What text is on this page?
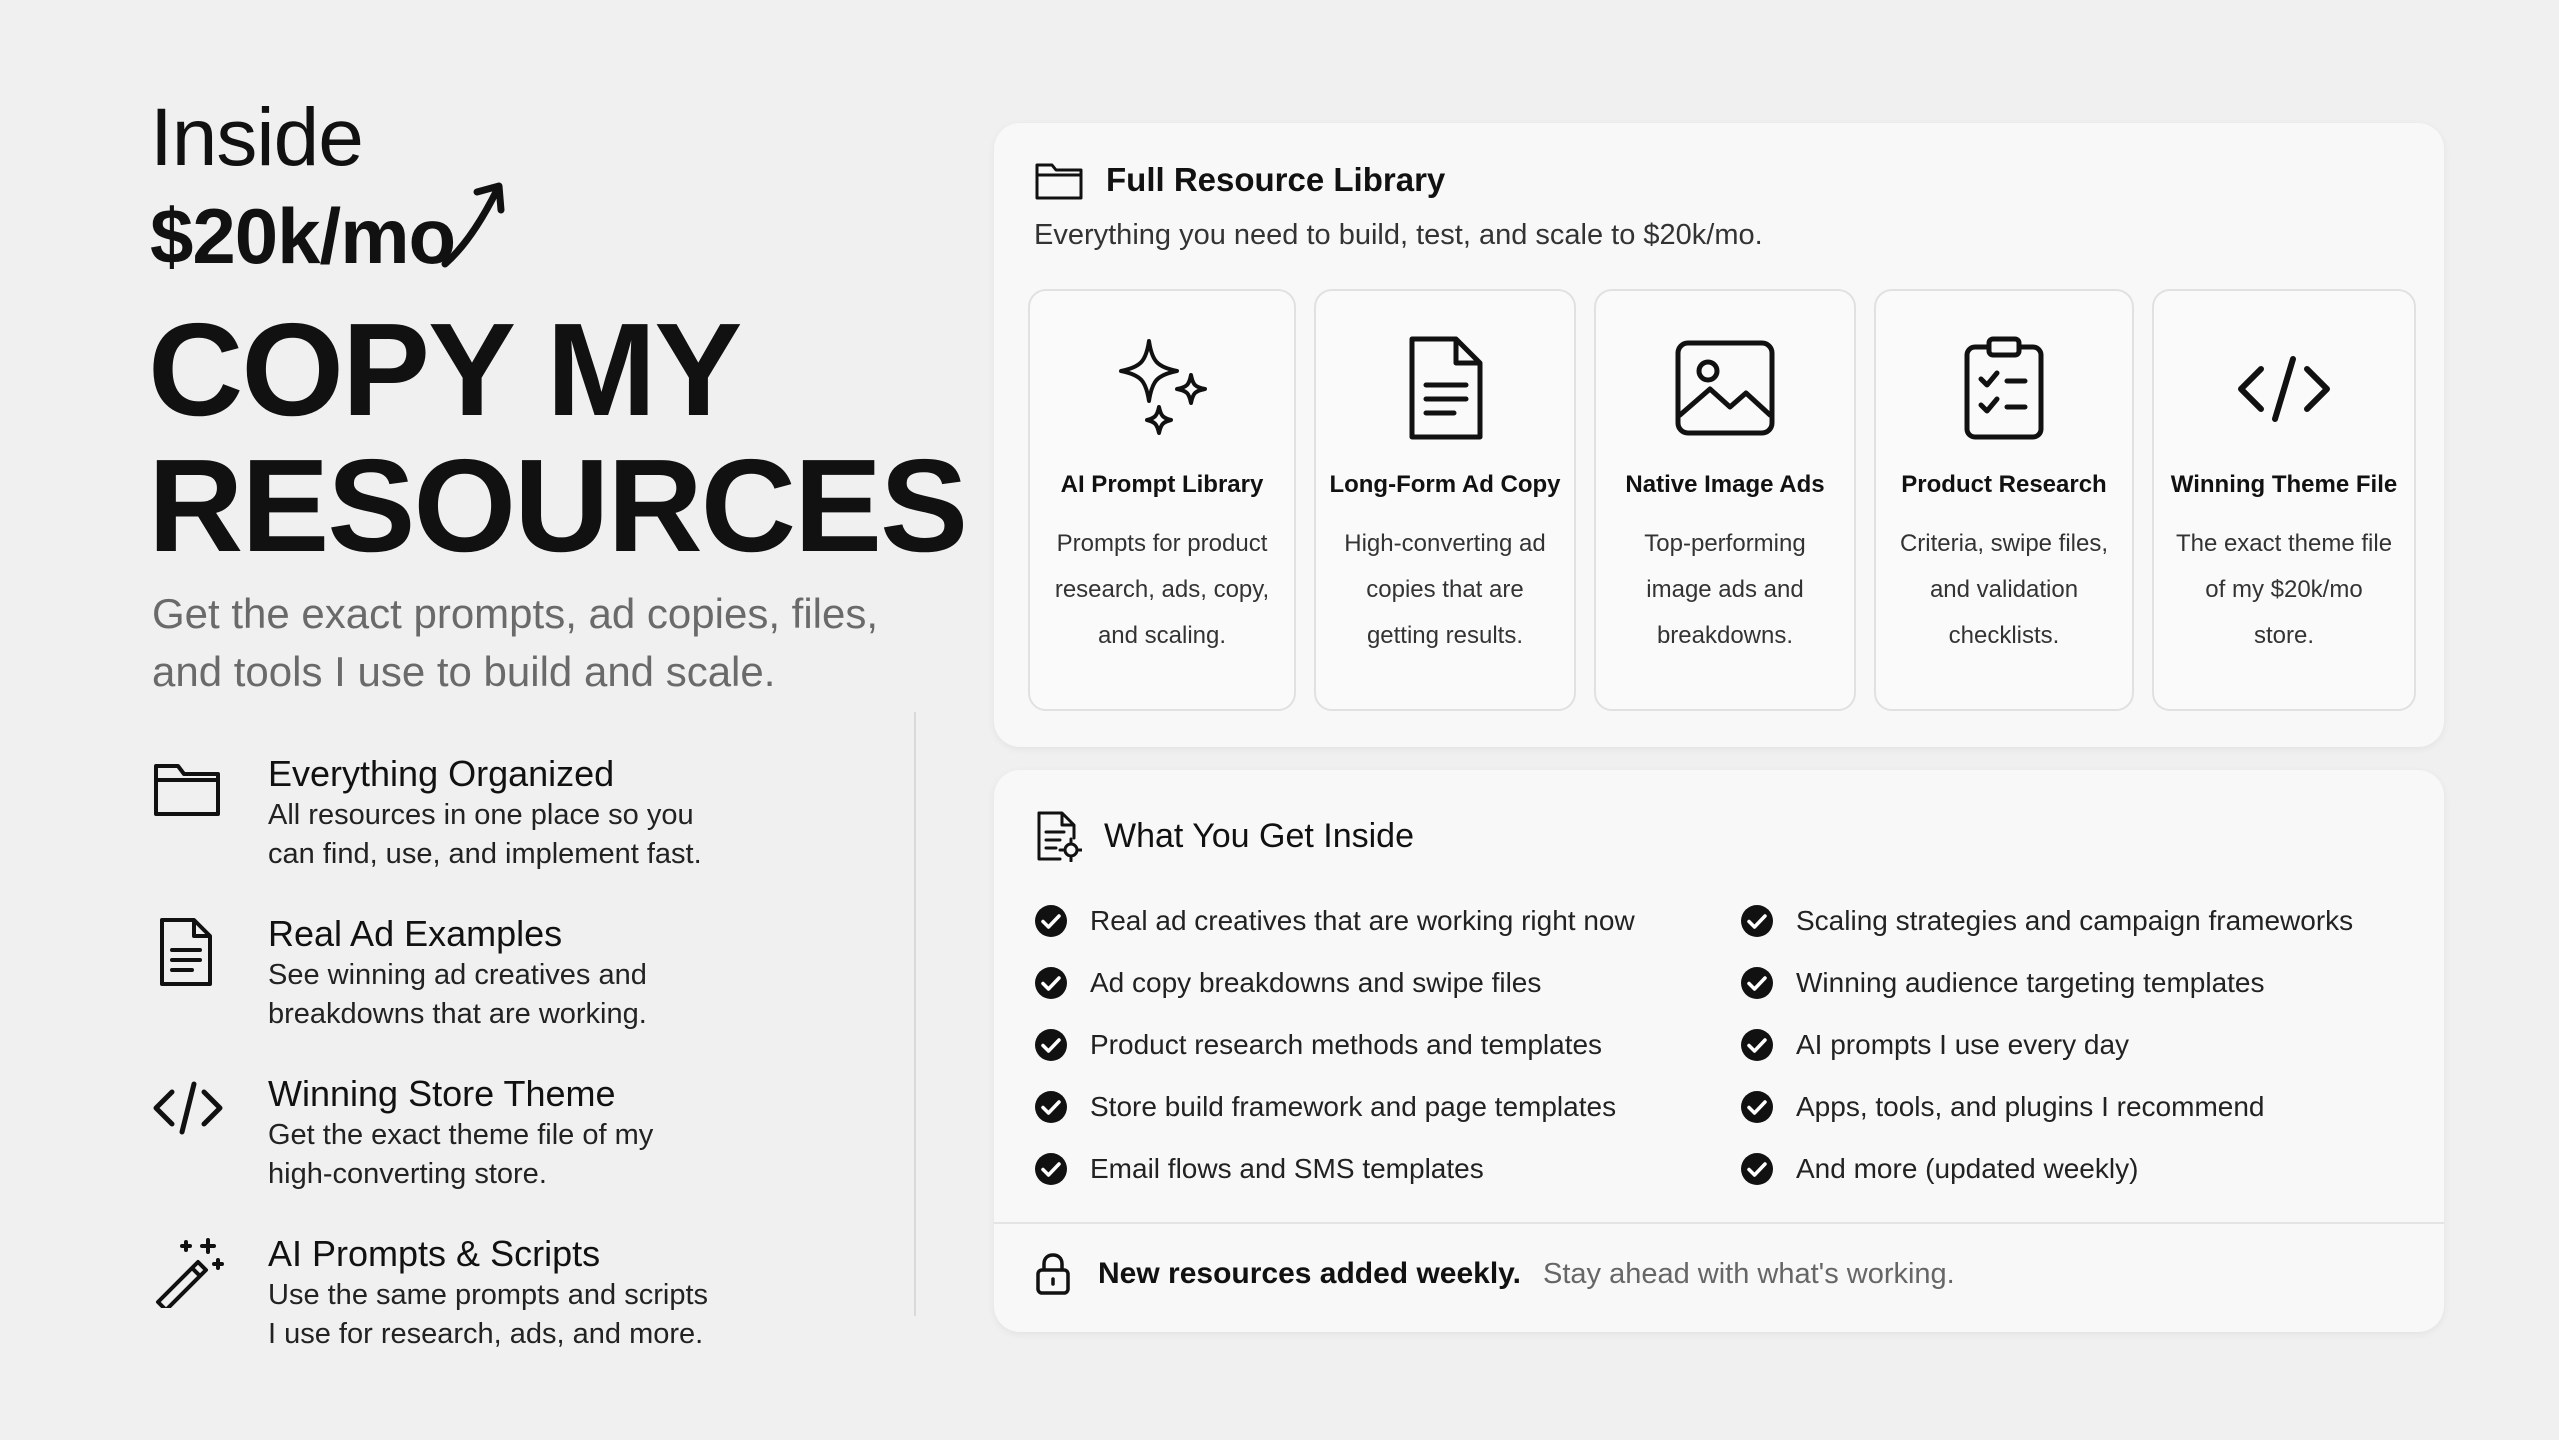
Inside
$20k/mo
COPY MY
RESOURCES
Get the exact prompts, ad copies, files,
and tools I use to build and scale.
Everything Organized
All resources in one place so you
can find, use, and implement fast.
Real Ad Examples
See winning ad creatives and
breakdowns that are working.
Winning Store Theme
Get the exact theme file of my
high-converting store.
AI Prompts & Scripts
Use the same prompts and scripts
I use for research, ads, and more.
Full Resource Library
Everything you need to build, test, and scale to $20k/mo.
AI Prompt Library
Prompts for product
research, ads, copy,
and scaling.
Long-Form Ad Copy
High-converting ad
copies that are
getting results.
Native Image Ads
Top-performing
image ads and
breakdowns.
Product Research
Criteria, swipe files,
and validation
checklists.
Winning Theme File
The exact theme file
of my $20k/mo
store.
What You Get Inside
Real ad creatives that are working right now	Scaling strategies and campaign frameworks
Ad copy breakdowns and swipe files	Winning audience targeting templates
Product research methods and templates	AI prompts I use every day
Store build framework and page templates	Apps, tools, and plugins I recommend
Email flows and SMS templates	And more (updated weekly)
New resources added weekly. Stay ahead with what's working.
